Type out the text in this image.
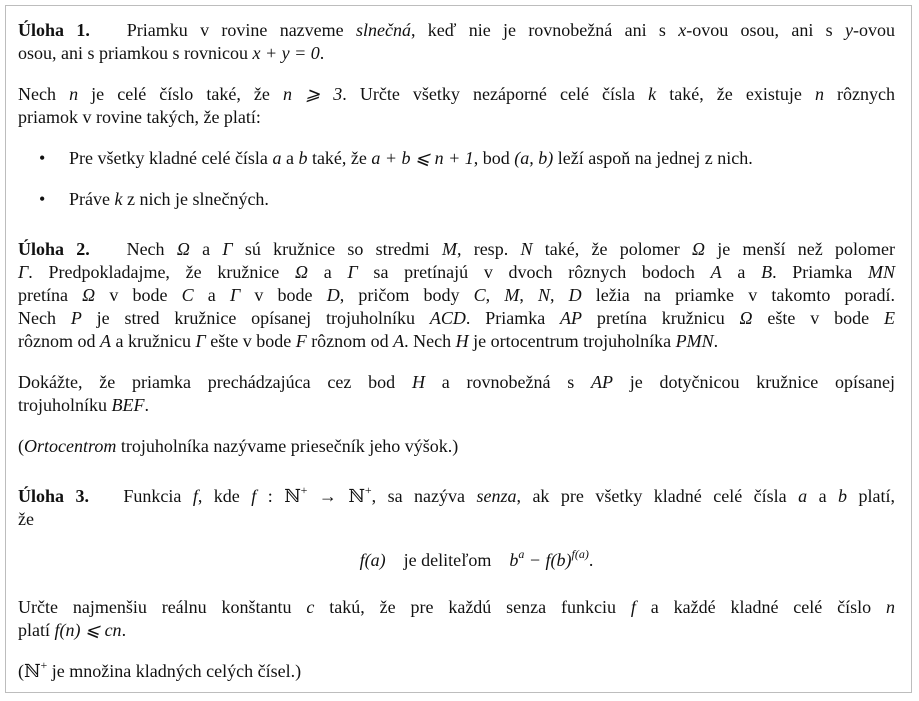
Úloha 1.   Priamku v rovine nazveme slnečná, keď nie je rovnobežná ani s x-ovou osou, ani s y-ovou
osou, ani s priamkou s rovnicou x + y = 0.
Nech n je celé číslo také, že n ⩾ 3. Určte všetky nezáporné celé čísla k také, že existuje n rôznych
priamok v rovine takých, že platí:
• Pre všetky kladné celé čísla a a b také, že a + b ⩽ n + 1, bod (a, b) leží aspoň na jednej z nich.
• Práve k z nich je slnečných.
Úloha 2.   Nech Ω a Γ sú kružnice so stredmi M, resp. N také, že polomer Ω je menší než polomer
Γ. Predpokladajme, že kružnice Ω a Γ sa pretínajú v dvoch rôznych bodoch A a B. Priamka MN
pretína Ω v bode C a Γ v bode D, pričom body C, M, N, D ležia na priamke v takomto poradí.
Nech P je stred kružnice opísanej trojuholníku ACD. Priamka AP pretína kružnicu Ω ešte v bode E
rôznom od A a kružnicu Γ ešte v bode F rôznom od A. Nech H je ortocentrum trojuholníka PMN.
Dokážte, že priamka prechádzajúca cez bod H a rovnobežná s AP je dotyčnicou kružnice opísanej
trojuholníku BEF.
(Ortocentrom trojuholníka nazývame priesečník jeho výšok.)
Úloha 3.   Funkcia f, kde f : ℕ+ → ℕ+, sa nazýva senza, ak pre všetky kladné celé čísla a a b platí,
že
f(a)    je deliteľom    $b^a - f(b)^{f(a)}$.
Určte najmenšiu reálnu konštantu c takú, že pre každú senza funkciu f a každé kladné celé číslo n
platí f(n) ⩽ cn.
(ℕ+ je množina kladných celých čísel.)
